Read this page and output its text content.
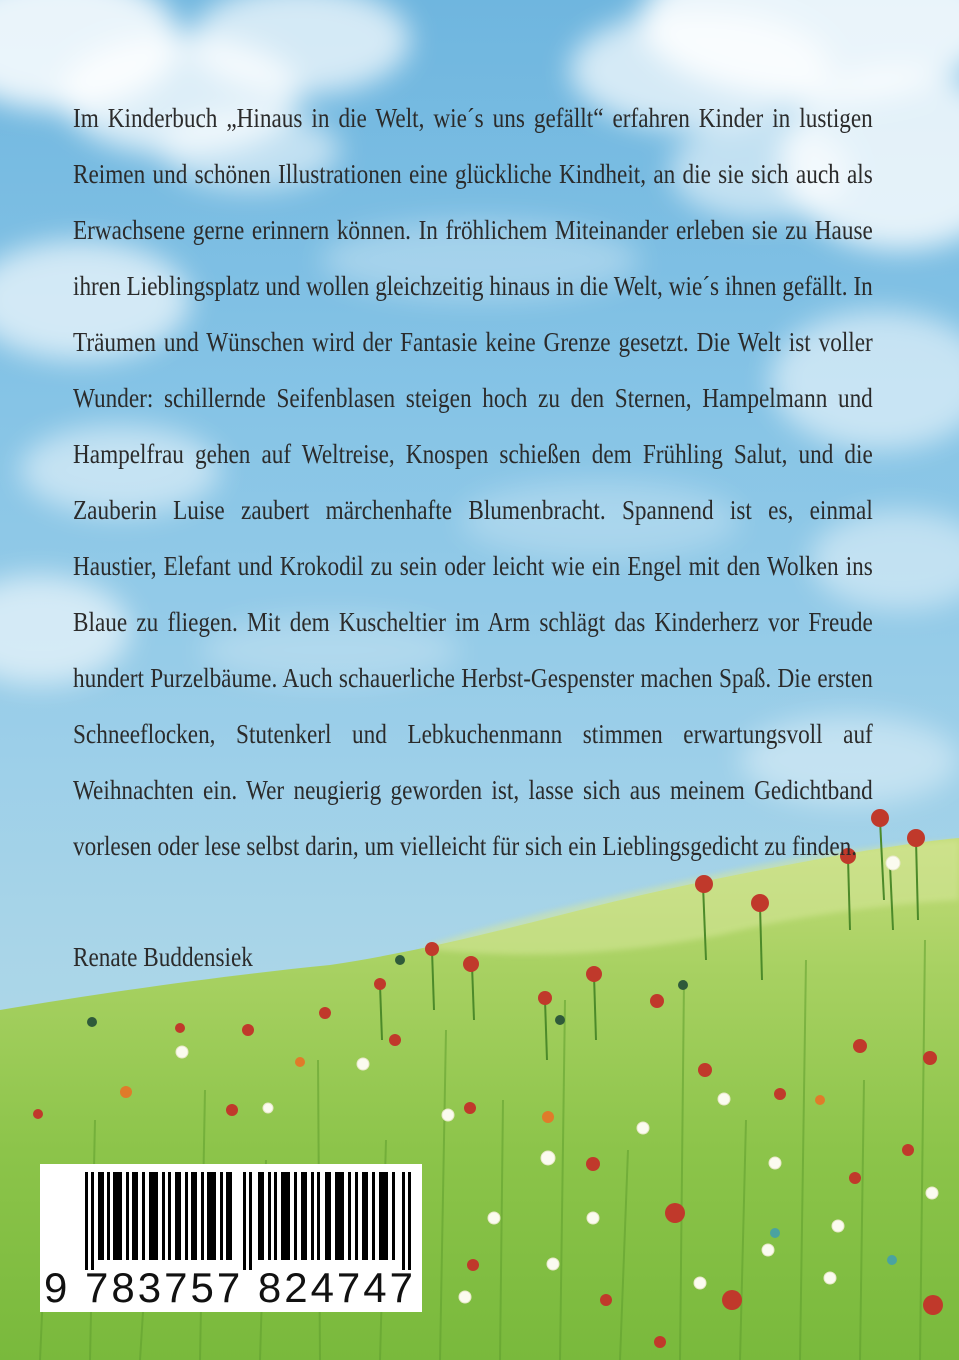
Im Kinderbuch „Hinaus in die Welt, wie´s uns gefällt“ erfahren Kinder in lustigen Reimen und schönen Illustrationen eine glückliche Kindheit, an die sie sich auch als Erwachsene gerne erinnern können. In fröhlichem Miteinander erleben sie zu Hause ihren Lieblingsplatz und wollen gleichzeitig hinaus in die Welt, wie´s ihnen gefällt. In Träumen und Wünschen wird der Fantasie keine Grenze gesetzt. Die Welt ist voller Wunder: schillernde Seifenblasen steigen hoch zu den Sternen, Hampelmann und Hampelfrau gehen auf Weltreise, Knospen schießen dem Frühling Salut, und die Zauberin Luise zaubert märchenhafte Blumenbracht. Spannend ist es, einmal Haustier, Elefant und Krokodil zu sein oder leicht wie ein Engel mit den Wolken ins Blaue zu fliegen. Mit dem Kuscheltier im Arm schlägt das Kinderherz vor Freude hundert Purzelbäume. Auch schauerliche Herbst-Gespenster machen Spaß. Die ersten Schneeflocken, Stutenkerl und Lebkuchenmann stimmen erwartungsvoll auf Weihnachten ein. Wer neugierig geworden ist, lasse sich aus meinem Gedichtband vorlesen oder lese selbst darin, um vielleicht für sich ein Lieblingsgedicht zu finden.

Renate Buddensiek
9 783757 824747
